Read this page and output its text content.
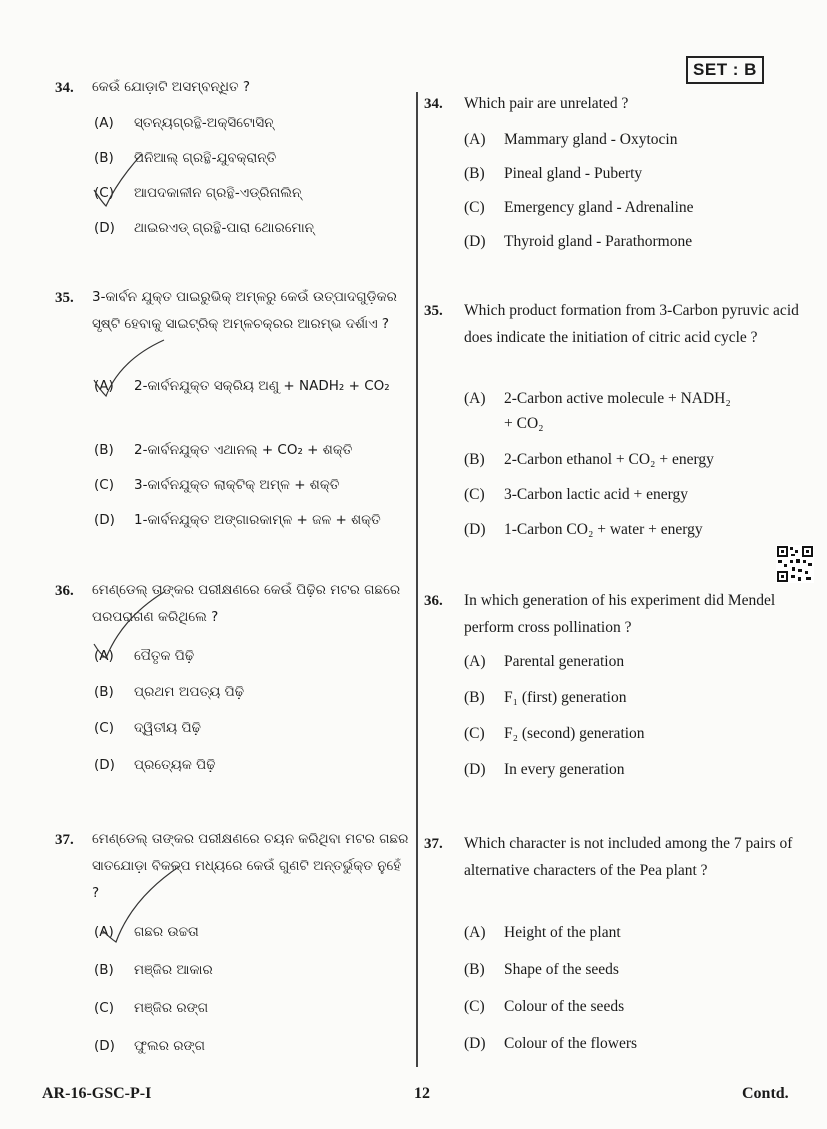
SET : B
34. କେଉଁ ଯୋଡ଼ାଟି ଅସମ୍ବନ୍ଧିତ ?
(A) ସ୍ତନ୍ୟଗ୍ରନ୍ଥି-ଅକ୍ସିଟୋସିନ୍
(B) ପିନିଆଲ୍ ଗ୍ରନ୍ଥି-ଯୁବକ୍ରାନ୍ତି
(C) ଆପଦକାଳୀନ ଗ୍ରନ୍ଥି-ଏଡ୍ରିନାଲିନ୍
(D) ଥାଇରଏଡ୍ ଗ୍ରନ୍ଥି-ପାରା ଥୋରମୋନ୍
35. 3-କାର୍ବନ ଯୁକ୍ତ ପାଇରୁଭିକ୍ ଅମ୍ଳରୁ କେଉଁ ଉତ୍ପାଦଗୁଡ଼ିକର ସୃଷ୍ଟି ହେବାକୁ ସାଇଟ୍ରିକ୍ ଅମ୍ଳଚକ୍ରର ଆରମ୍ଭ ଦର୍ଶାଏ ?
(A) 2-କାର୍ବନଯୁକ୍ତ ସକ୍ରିୟ ଅଣୁ + NADH₂ + CO₂
(B) 2-କାର୍ବନଯୁକ୍ତ ଏଥାନଲ୍ + CO₂ + ଶକ୍ତି
(C) 3-କାର୍ବନଯୁକ୍ତ ଲାକ୍ଟିକ୍ ଅମ୍ଳ + ଶକ୍ତି
(D) 1-କାର୍ବନଯୁକ୍ତ ଅଙ୍ଗାରକାମ୍ଳ + ଜଳ + ଶକ୍ତି
36. ମେଣ୍ଡେଲ୍ ତାଙ୍କର ପରୀକ୍ଷଣରେ କେଉଁ ପିଢ଼ିର ମଟର ଗଛରେ ପରପରାଗଣ କରିଥିଲେ ?
(A) ପୈତୃକ ପିଢ଼ି
(B) ପ୍ରଥମ ଅପତ୍ୟ ପିଢ଼ି
(C) ଦ୍ୱିତୀୟ ପିଢ଼ି
(D) ପ୍ରତ୍ୟେକ ପିଢ଼ି
37. ମେଣ୍ଡେଲ୍ ତାଙ୍କର ପରୀକ୍ଷଣରେ ଚୟନ କରିଥିବା ମଟର ଗଛର ସାତଯୋଡ଼ା ବିକଳ୍ପ ମଧ୍ୟରେ କେଉଁ ଗୁଣଟି ଅନ୍ତର୍ଭୁକ୍ତ ନୁହେଁ ?
(A) ଗଛର ଉଚ୍ଚତା
(B) ମଞ୍ଜିର ଆକାର
(C) ମଞ୍ଜିର ରଙ୍ଗ
(D) ଫୁଲର ରଙ୍ଗ
34. Which pair are unrelated ?
(A) Mammary gland - Oxytocin
(B) Pineal gland - Puberty
(C) Emergency gland - Adrenaline
(D) Thyroid gland - Parathormone
35. Which product formation from 3-Carbon pyruvic acid does indicate the initiation of citric acid cycle ?
(A) 2-Carbon active molecule + NADH₂
+ CO₂
(B) 2-Carbon ethanol + CO₂ + energy
(C) 3-Carbon lactic acid + energy
(D) 1-Carbon CO₂ + water + energy
36. In which generation of his experiment did Mendel perform cross pollination ?
(A) Parental generation
(B) F₁ (first) generation
(C) F₂ (second) generation
(D) In every generation
37. Which character is not included among the 7 pairs of alternative characters of the Pea plant ?
(A) Height of the plant
(B) Shape of the seeds
(C) Colour of the seeds
(D) Colour of the flowers
AR-16-GSC-P-I	12	Contd.
